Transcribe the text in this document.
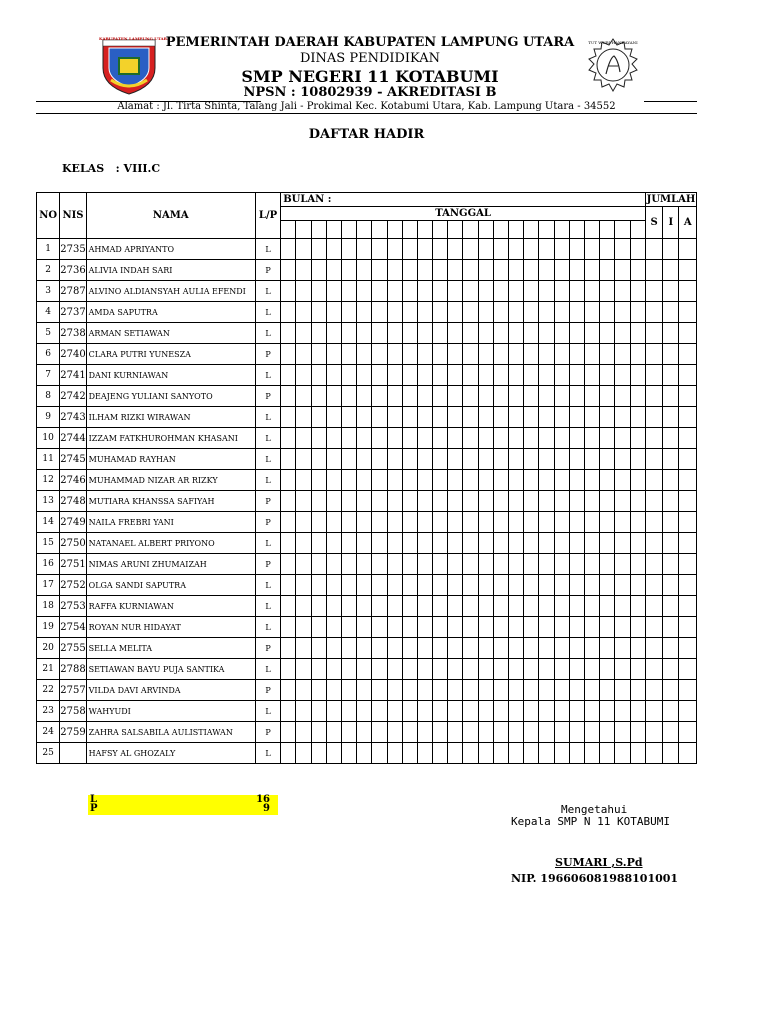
KABUPATEN LAMPUNG UTARA
PEMERINTAH DAERAH KABUPATEN LAMPUNG UTARA
DINAS PENDIDIKAN
SMP NEGERI 11 KOTABUMI
NPSN : 10802939 - AKREDITASI B
TUT WURI HANDAYANI
Alamat : Jl. Tirta Shinta, Talang Jali - Prokimal Kec. Kotabumi Utara, Kab. Lampung Utara - 34552
DAFTAR HADIR
KELAS : VIII.C
NO	NIS	NAMA	L/P	BULAN :																								JUMLAH		
				TANGGAL																								S	I	A

1	2735	AHMAD APRIYANTO	L																											
2	2736	ALIVIA INDAH SARI	P																											
3	2787	ALVINO ALDIANSYAH AULIA EFENDI	L																											
4	2737	AMDA SAPUTRA	L																											
5	2738	ARMAN SETIAWAN	L																											
6	2740	CLARA PUTRI YUNESZA	P																											
7	2741	DANI KURNIAWAN	L																											
8	2742	DEAJENG YULIANI SANYOTO	P																											
9	2743	ILHAM RIZKI WIRAWAN	L																											
10	2744	IZZAM FATKHUROHMAN KHASANI	L																											
11	2745	MUHAMAD RAYHAN	L																											
12	2746	MUHAMMAD NIZAR AR RIZKY	L																											
13	2748	MUTIARA KHANSSA SAFIYAH	P																											
14	2749	NAILA FREBRI YANI	P																											
15	2750	NATANAEL ALBERT PRIYONO	L																											
16	2751	NIMAS ARUNI ZHUMAIZAH	P																											
17	2752	OLGA SANDI SAPUTRA	L																											
18	2753	RAFFA KURNIAWAN	L																											
19	2754	ROYAN NUR HIDAYAT	L																											
20	2755	SELLA MELITA	P																											
21	2788	SETIAWAN BAYU PUJA SANTIKA	L																											
22	2757	VILDA DAVI ARVINDA	P																											
23	2758	WAHYUDI	L																											
24	2759	ZAHRA SALSABILA AULISTIAWAN	P																											
25		HAFSY AL GHOZALY	L																											
L	16
P	9	Mengetahui
Kepala SMP N 11 KOTABUMI
SUMARI ,S.Pd
NIP. 196606081988101001
